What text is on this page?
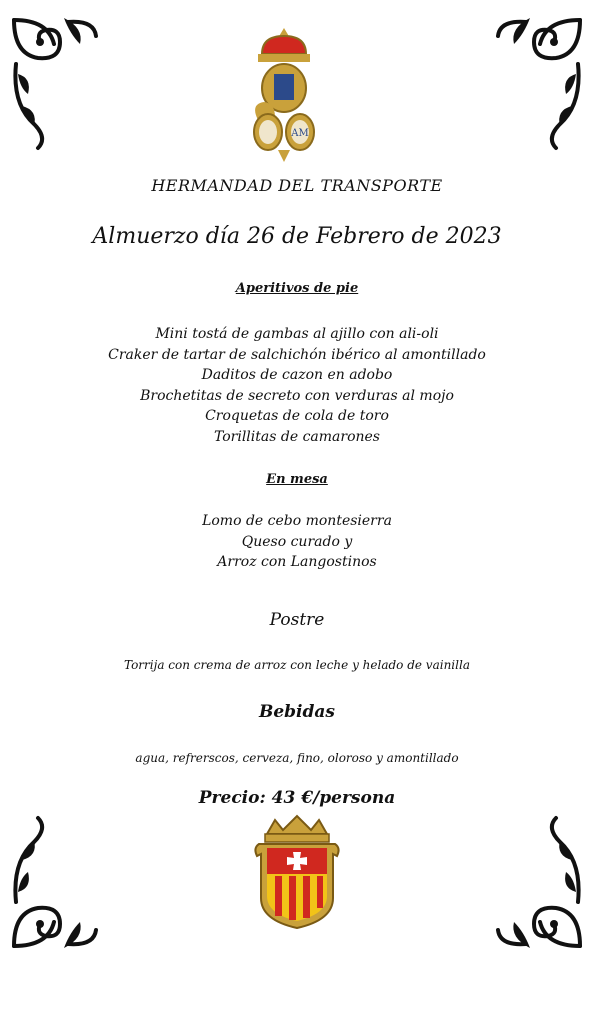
AM
HERMANDAD DEL TRANSPORTE
Almuerzo día 26 de Febrero de 2023
Aperitivos de pie
Mini tostá de gambas al ajillo con ali-oli
Craker de tartar de salchichón ibérico al amontillado
Daditos de cazon en adobo
Brochetitas de secreto con verduras al mojo
Croquetas de cola de toro
Torillitas de camarones
En mesa
Lomo de cebo montesierra
Queso curado y
Arroz con Langostinos
Postre
Torrija con crema de arroz con leche y helado de vainilla
Bebidas
agua, refrerscos, cerveza, fino, oloroso y amontillado
Precio: 43 €/persona
